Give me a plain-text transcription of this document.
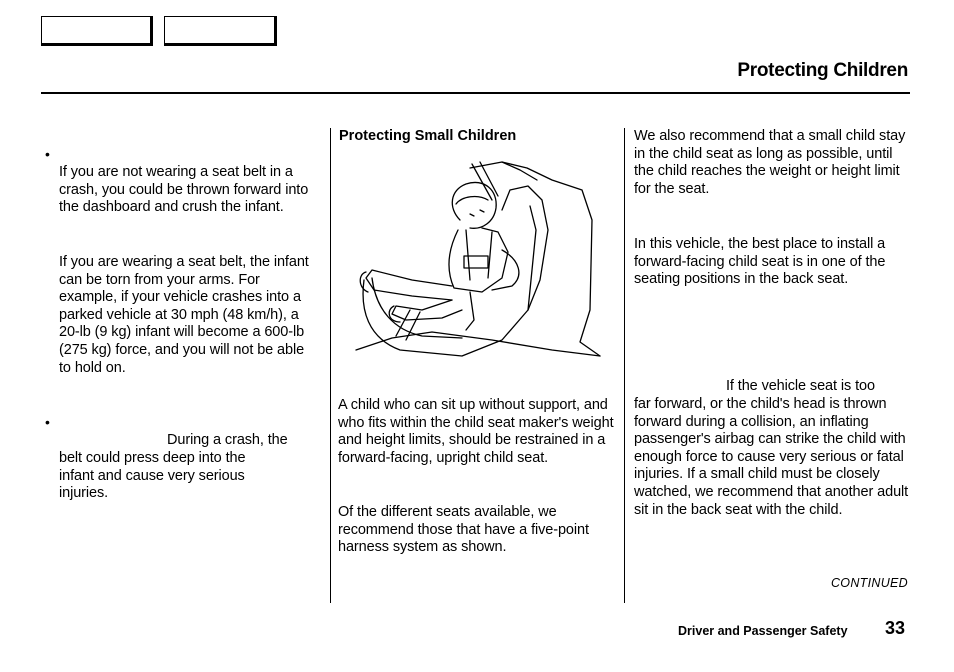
Protecting Children
•
If you are not wearing a seat belt in a crash, you could be thrown forward into the dashboard and crush the infant.
If you are wearing a seat belt, the infant can be torn from your arms. For example, if your vehicle crashes into a parked vehicle at 30 mph (48 km/h), a 20-lb (9 kg) infant will become a 600-lb (275 kg) force, and you will not be able to hold on.
•
During a crash, the
belt could press deep into the infant and cause very serious injuries.
Protecting Small Children
A child who can sit up without support, and who fits within the child seat maker's weight and height limits, should be restrained in a forward-facing, upright child seat.
Of the different seats available, we recommend those that have a five-point harness system as shown.
We also recommend that a small child stay in the child seat as long as possible, until the child reaches the weight or height limit for the seat.
In this vehicle, the best place to install a forward-facing child seat is in one of the seating positions in the back seat.
If the vehicle seat is too
far forward, or the child's head is thrown forward during a collision, an inflating passenger's airbag can strike the child with enough force to cause very serious or fatal injuries. If a small child must be closely watched, we recommend that another adult sit in the back seat with the child.
CONTINUED
Driver and Passenger Safety 33
